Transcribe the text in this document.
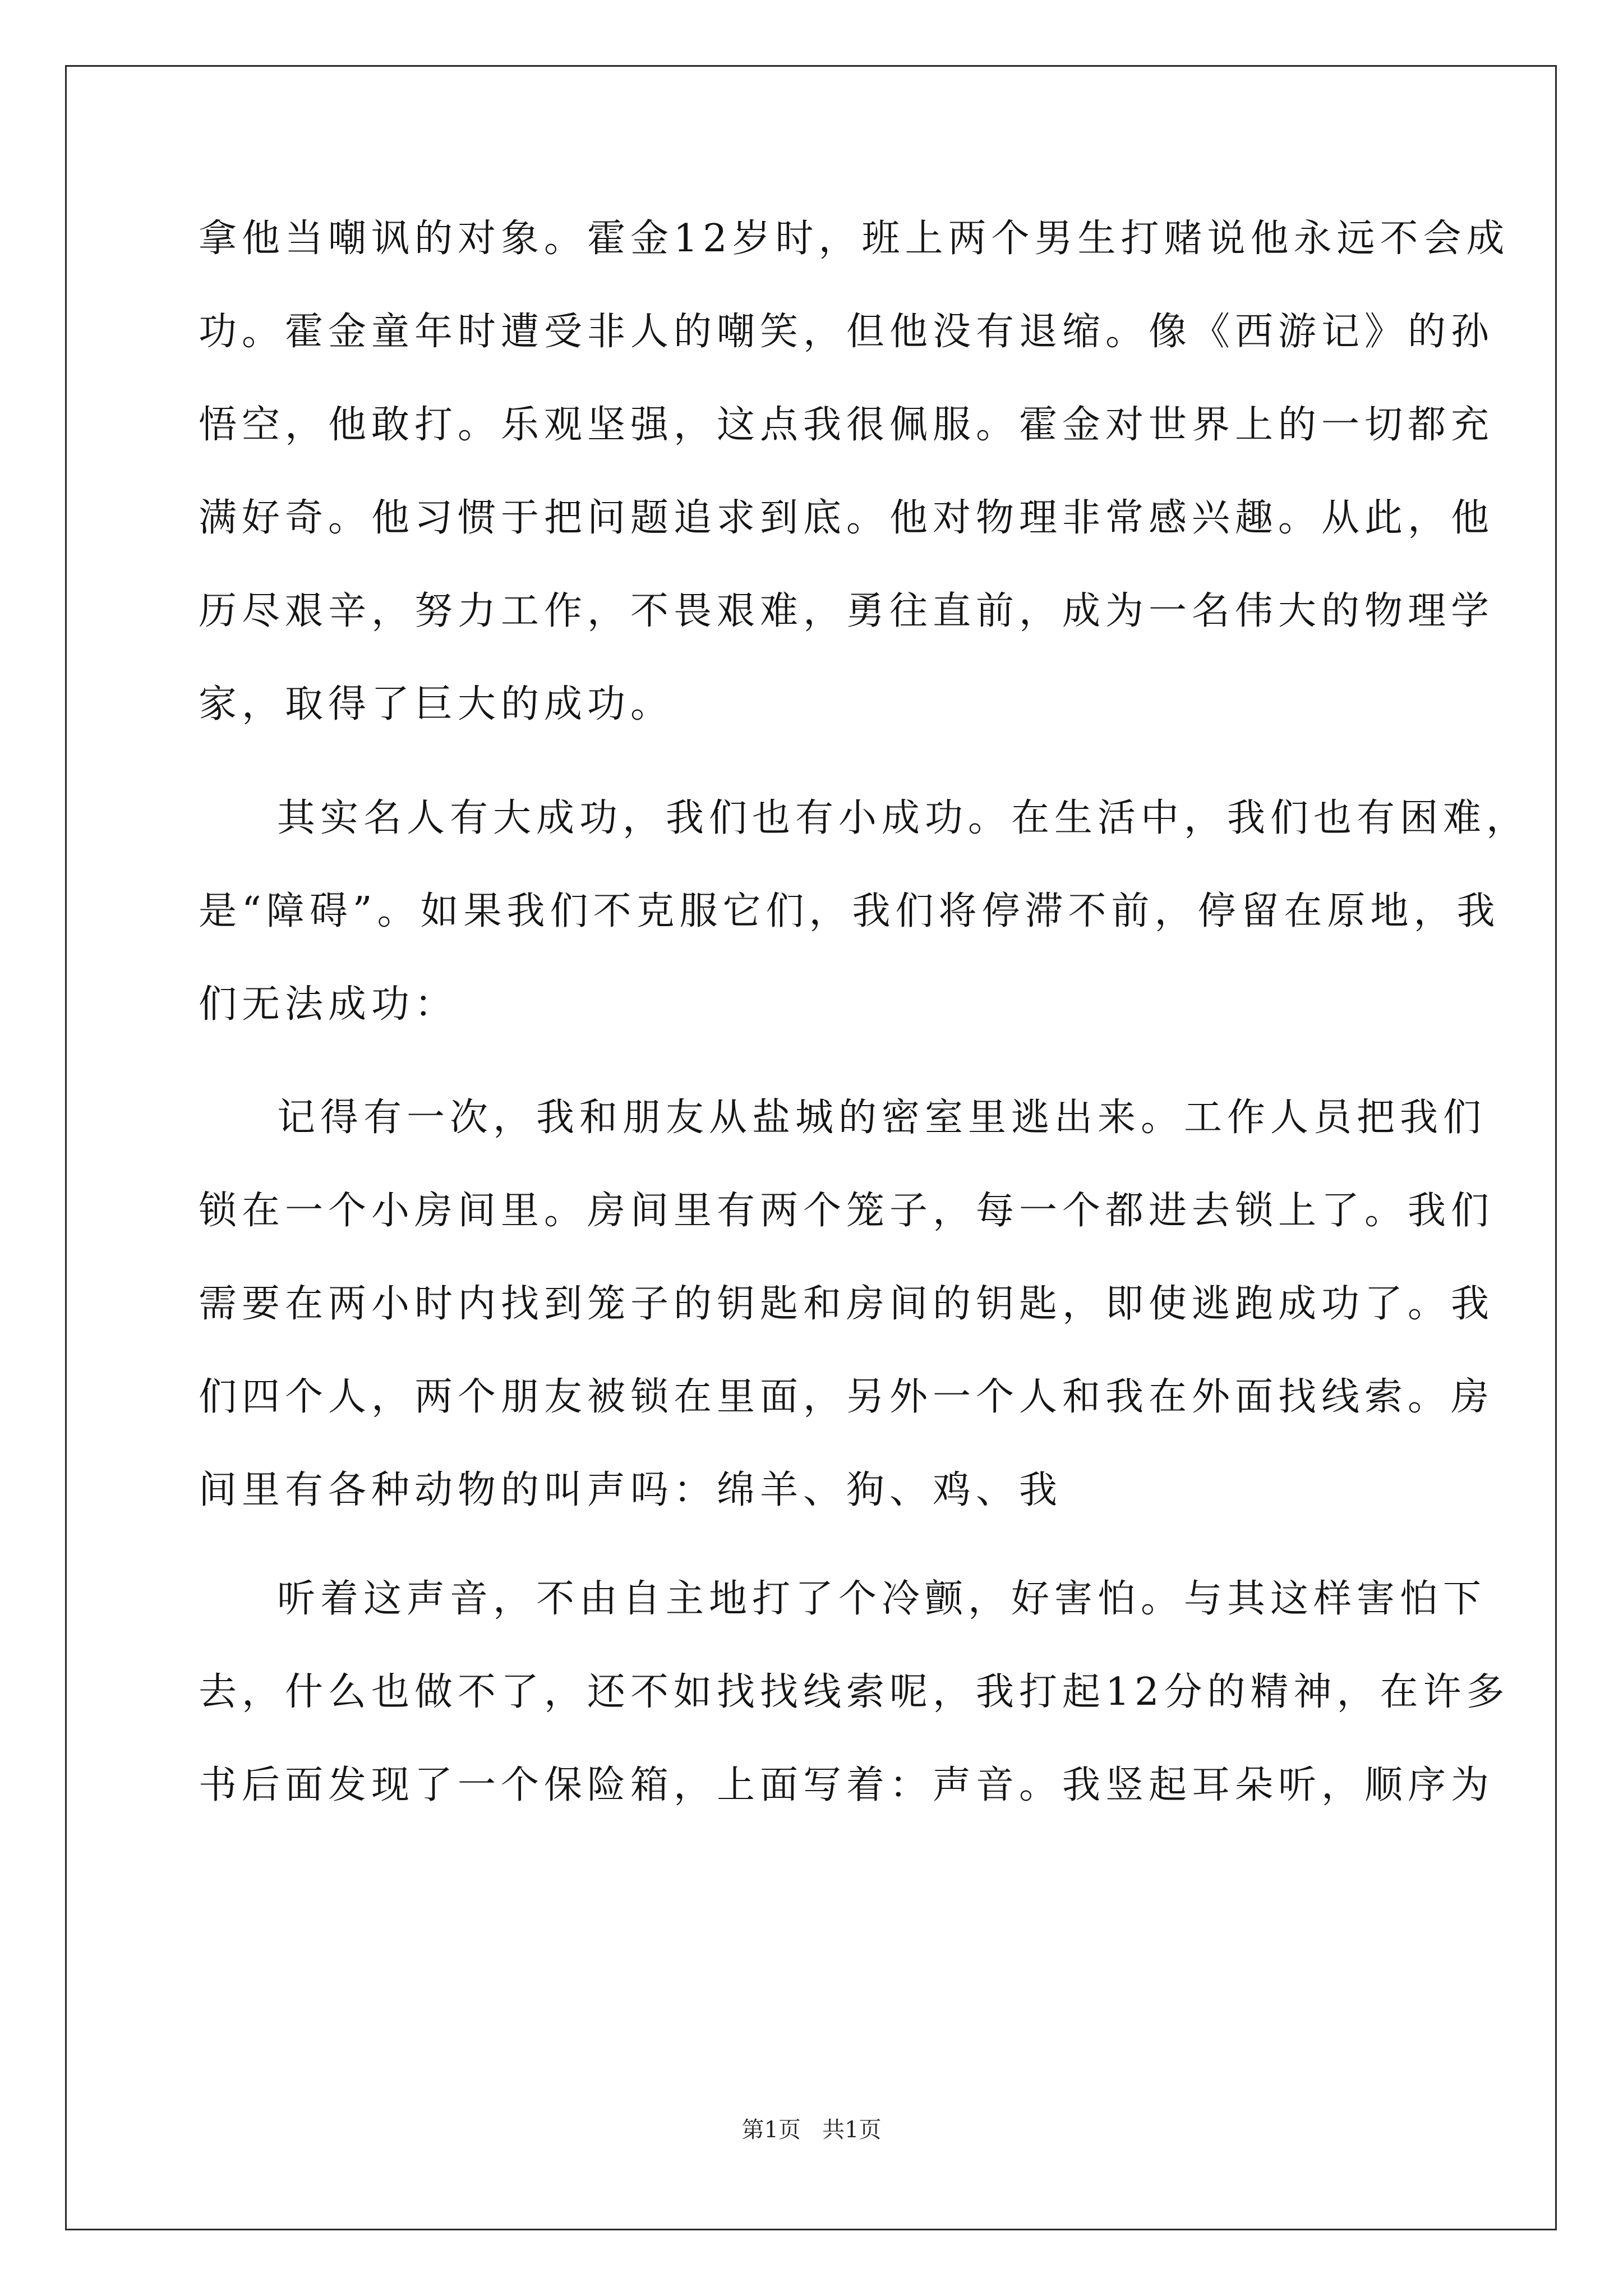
拿他当嘲讽的对象。霍金12岁时，班上两个男生打赌说他永远不会成
功。霍金童年时遭受非人的嘲笑，但他没有退缩。像《西游记》的孙
悟空，他敢打。乐观坚强，这点我很佩服。霍金对世界上的一切都充
满好奇。他习惯于把问题追求到底。他对物理非常感兴趣。从此，他
历尽艰辛，努力工作，不畏艰难，勇往直前，成为一名伟大的物理学
家，取得了巨大的成功。
其实名人有大成功，我们也有小成功。在生活中，我们也有困难，
是“障碍”。如果我们不克服它们，我们将停滞不前，停留在原地，我
们无法成功：
记得有一次，我和朋友从盐城的密室里逃出来。工作人员把我们
锁在一个小房间里。房间里有两个笼子，每一个都进去锁上了。我们
需要在两小时内找到笼子的钥匙和房间的钥匙，即使逃跑成功了。我
们四个人，两个朋友被锁在里面，另外一个人和我在外面找线索。房
间里有各种动物的叫声吗：绵羊、狗、鸡、我
听着这声音，不由自主地打了个冷颤，好害怕。与其这样害怕下
去，什么也做不了，还不如找找线索呢，我打起12分的精神，在许多
书后面发现了一个保险箱，上面写着：声音。我竖起耳朵听，顺序为
第1页   共1页
